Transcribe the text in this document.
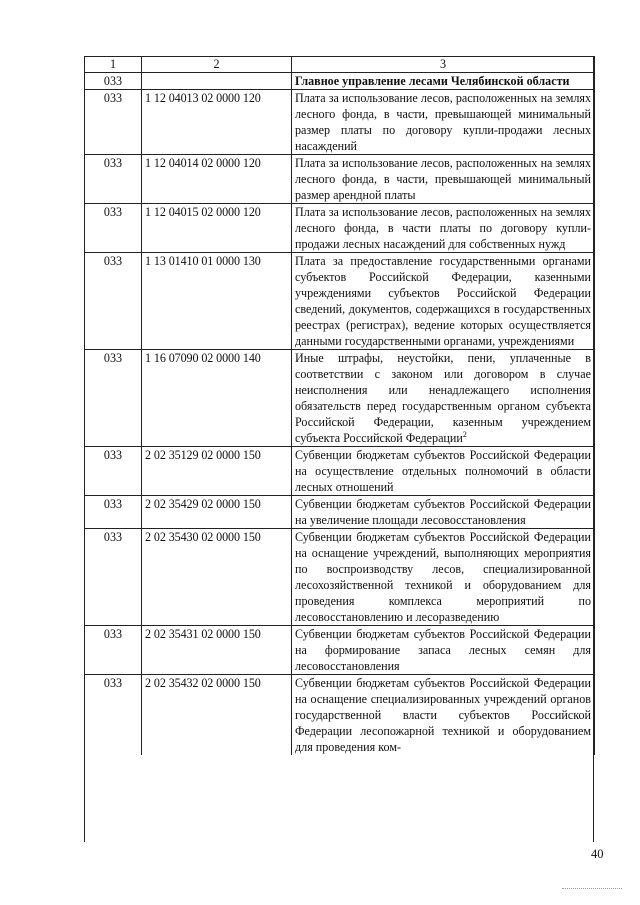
1	2	3
033		Главное управление лесами Челябинской области
033	1 12 04013 02 0000 120	Плата за использование лесов, расположенных на землях лесного фонда, в части, превышающей минимальный размер платы по договору купли-продажи лесных насаждений
033	1 12 04014 02 0000 120	Плата за использование лесов, расположенных на землях лесного фонда, в части, превышающей минимальный размер арендной платы
033	1 12 04015 02 0000 120	Плата за использование лесов, расположенных на землях лесного фонда, в части платы по договору купли-продажи лесных насаждений для собственных нужд
033	1 13 01410 01 0000 130	Плата за предоставление государственными органами субъектов Российской Федерации, казенными учреждениями субъектов Российской Федерации сведений, документов, содержащихся в государственных реестрах (регистрах), ведение которых осуществляется данными государственными органами, учреждениями
033	1 16 07090 02 0000 140	Иные штрафы, неустойки, пени, уплаченные в соответствии с законом или договором в случае неисполнения или ненадлежащего исполнения обязательств перед государственным органом субъекта Российской Федерации, казенным учреждением субъекта Российской Федерации$^2$
033	2 02 35129 02 0000 150	Субвенции бюджетам субъектов Российской Федерации на осуществление отдельных полномочий в области лесных отношений
033	2 02 35429 02 0000 150	Субвенции бюджетам субъектов Российской Федерации на увеличение площади лесовосстановления
033	2 02 35430 02 0000 150	Субвенции бюджетам субъектов Российской Федерации на оснащение учреждений, выполняющих мероприятия по воспроизводству лесов, специализированной лесохозяйственной техникой и оборудованием для проведения комплекса мероприятий по лесовосстановлению и лесоразведению
033	2 02 35431 02 0000 150	Субвенции бюджетам субъектов Российской Федерации на формирование запаса лесных семян для лесовосстановления
033	2 02 35432 02 0000 150	Субвенции бюджетам субъектов Российской Федерации на оснащение специализированных учреждений органов государственной власти субъектов Российской Федерации лесопожарной техникой и оборудованием для проведения ком-
40
